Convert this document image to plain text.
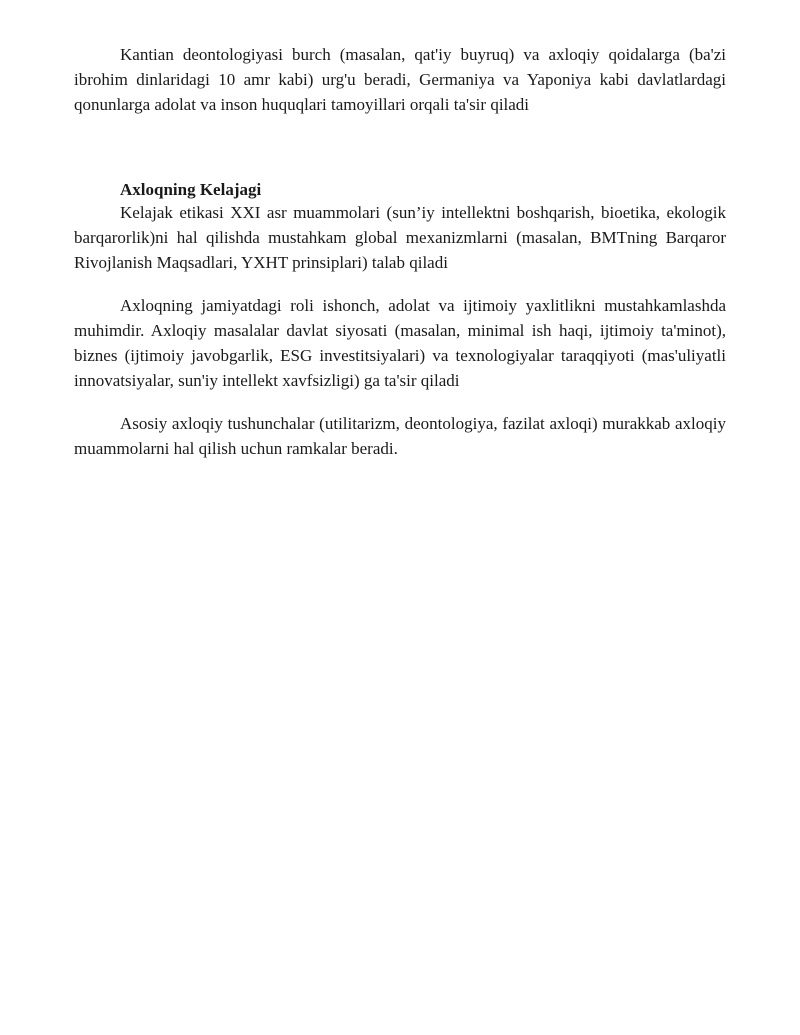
Kantian deontologiyasi burch (masalan, qat'iy buyruq) va axloqiy qoidalarga (ba'zi ibrohim dinlaridagi 10 amr kabi) urg'u beradi, Germaniya va Yaponiya kabi davlatlardagi qonunlarga adolat va inson huquqlari tamoyillari orqali ta'sir qiladi

Axloqning Kelajagi

Kelajak etikasi XXI asr muammolari (sun’iy intellektni boshqarish, bioetika, ekologik barqarorlik)ni hal qilishda mustahkam global mexanizmlarni (masalan, BMTning Barqaror Rivojlanish Maqsadlari, YXHT prinsiplari) talab qiladi

Axloqning jamiyatdagi roli ishonch, adolat va ijtimoiy yaxlitlikni mustahkamlashda muhimdir. Axloqiy masalalar davlat siyosati (masalan, minimal ish haqi, ijtimoiy ta'minot), biznes (ijtimoiy javobgarlik, ESG investitsiyalari) va texnologiyalar taraqqiyoti (mas'uliyatli innovatsiyalar, sun'iy intellekt xavfsizligi) ga ta'sir qiladi

Asosiy axloqiy tushunchalar (utilitarizm, deontologiya, fazilat axloqi) murakkab axloqiy muammolarni hal qilish uchun ramkalar beradi.
